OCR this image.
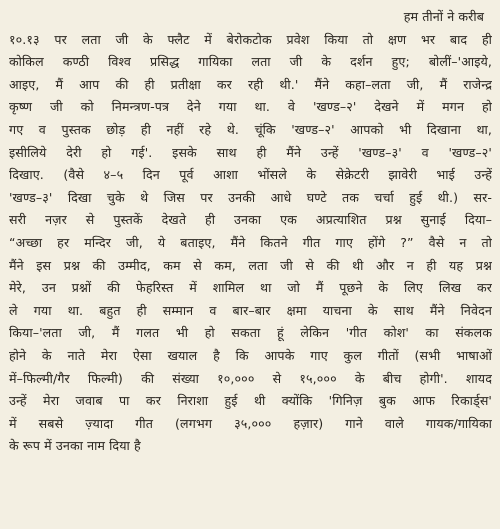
हम तीनों ने करीब
१०.१३ पर लता जी के फ्लैट में बेरोकटोक प्रवेश किया तो क्षण भर बाद ही
कोकिल कण्ठी विश्व प्रसिद्ध गायिका लता जी के दर्शन हुए; बोलीं–'आइये,
आइए, मैं आप की ही प्रतीक्षा कर रही थी.' मैंने कहा–लता जी, मैं राजेन्द्र
कृष्ण जी को निमन्त्रण-पत्र देने गया था. वे 'खण्ड–२' देखने में मगन हो
गए व पुस्तक छोड़ ही नहीं रहे थे. चूंकि 'खण्ड–२' आपको भी दिखाना था,
इसीलिये देरी हो गई'. इसके साथ ही मैंने उन्हें 'खण्ड–३' व 'खण्ड–२'
दिखाए. (वैसे ४–५ दिन पूर्व आशा भोंसले के सेक्रेटरी झावेरी भाई उन्हें
'खण्ड–३' दिखा चुके थे जिस पर उनकी आधे घण्टे तक चर्चा हुई थी.) सर-
सरी नज़र से पुस्तकें देखते ही उनका एक अप्रत्याशित प्रश्न सुनाई दिया–
“अच्छा हर मन्दिर जी, ये बताइए, मैंने कितने गीत गाए होंगे ?” वैसे न तो
मैंने इस प्रश्न की उम्मीद, कम से कम, लता जी से की थी और न ही यह प्रश्न
मेरे, उन प्रश्नों की फेहरिस्त में शामिल था जो मैं पूछने के लिए लिख कर
ले गया था. बहुत ही सम्मान व बार–बार क्षमा याचना के साथ मैंने निवेदन
किया–'लता जी, मैं गलत भी हो सकता हूं लेकिन 'गीत कोश' का संकलक
होने के नाते मेरा ऐसा खयाल है कि आपके गाए कुल गीतों (सभी भाषाओं
में–फिल्मी/गैर फिल्मी) की संख्या १०,००० से १५,००० के बीच होगी'. शायद
उन्हें मेरा जवाब पा कर निराशा हुई थी क्योंकि 'गिनिज़ बुक आफ रिकार्ड्स'
में सबसे ज़्यादा गीत (लगभग ३५,००० हज़ार) गाने वाले गायक/गायिका
के रूप में उनका नाम दिया है
